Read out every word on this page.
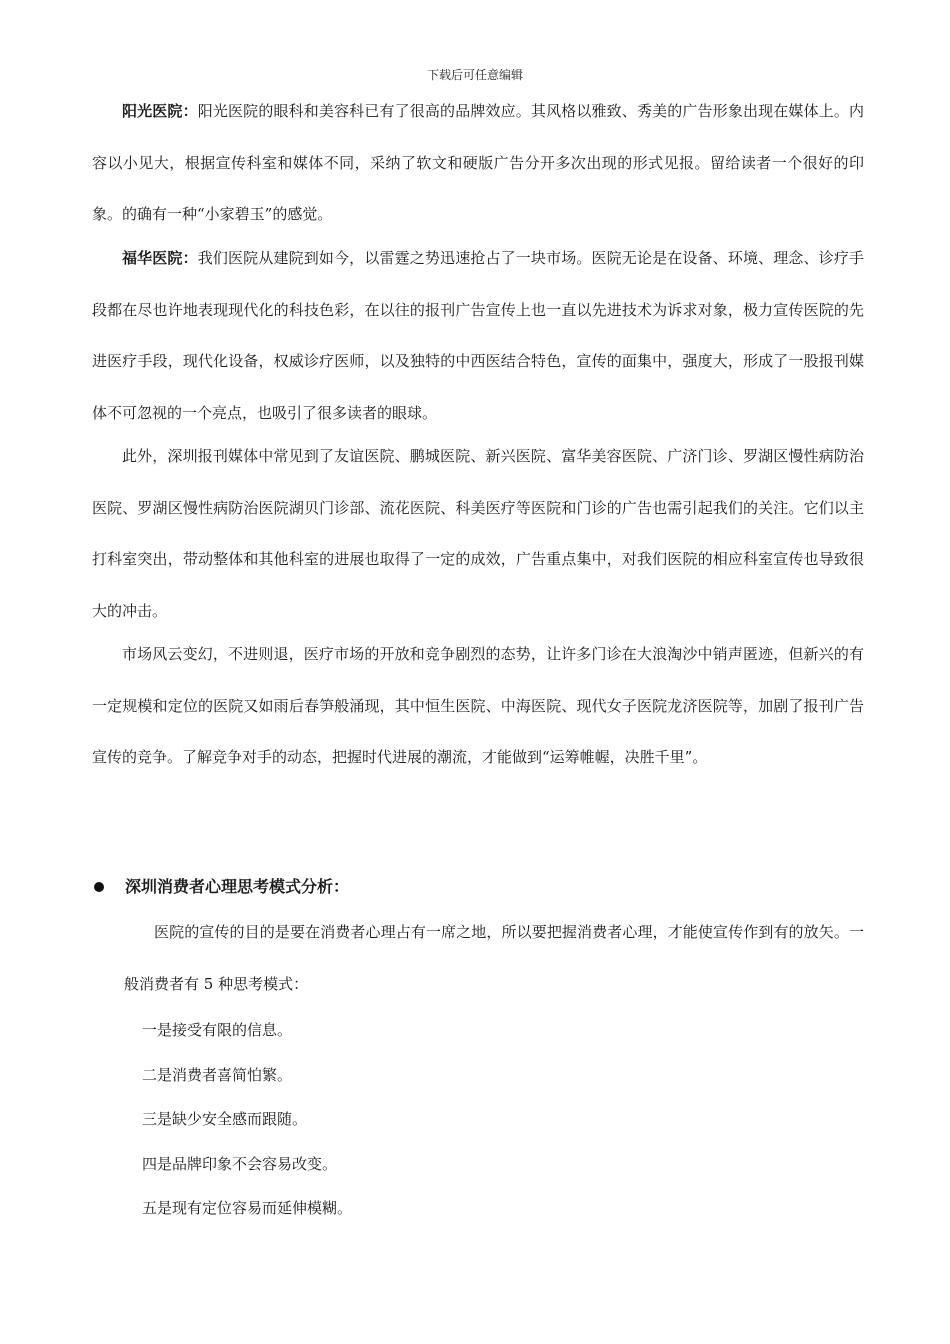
下载后可任意编辑

阳光医院：阳光医院的眼科和美容科已有了很高的品牌效应。其风格以雅致、秀美的广告形象出现在媒体上。内容以小见大，根据宣传科室和媒体不同，采纳了软文和硬版广告分开多次出现的形式见报。留给读者一个很好的印象。的确有一种“小家碧玉”的感觉。

福华医院：我们医院从建院到如今，以雷霆之势迅速抢占了一块市场。医院无论是在设备、环境、理念、诊疗手段都在尽也许地表现现代化的科技色彩，在以往的报刊广告宣传上也一直以先进技术为诉求对象，极力宣传医院的先进医疗手段，现代化设备，权威诊疗医师，以及独特的中西医结合特色，宣传的面集中，强度大，形成了一股报刊媒体不可忽视的一个亮点，也吸引了很多读者的眼球。

此外，深圳报刊媒体中常见到了友谊医院、鹏城医院、新兴医院、富华美容医院、广济门诊、罗湖区慢性病防治医院、罗湖区慢性病防治医院湖贝门诊部、流花医院、科美医疗等医院和门诊的广告也需引起我们的关注。它们以主打科室突出，带动整体和其他科室的进展也取得了一定的成效，广告重点集中，对我们医院的相应科室宣传也导致很大的冲击。

市场风云变幻，不进则退，医疗市场的开放和竞争剧烈的态势，让许多门诊在大浪淘沙中销声匿迹，但新兴的有一定规模和定位的医院又如雨后春笋般涌现，其中恒生医院、中海医院、现代女子医院龙济医院等，加剧了报刊广告宣传的竞争。了解竞争对手的动态，把握时代进展的潮流，才能做到“运筹帷幄，决胜千里”。

深圳消费者心理思考模式分析：

医院的宣传的目的是要在消费者心理占有一席之地，所以要把握消费者心理，才能使宣传作到有的放矢。一般消费者有 5 种思考模式：

一是接受有限的信息。
二是消费者喜简怕繁。
三是缺少安全感而跟随。
四是品牌印象不会容易改变。
五是现有定位容易而延伸模糊。
